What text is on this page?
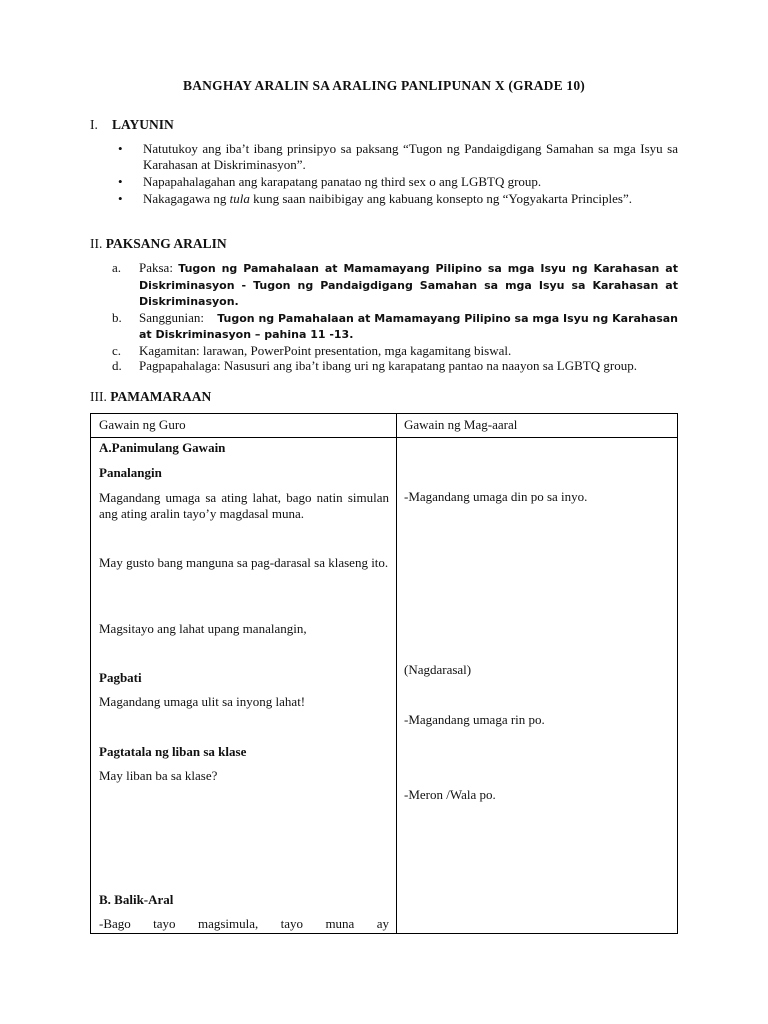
BANGHAY ARALIN SA ARALING PANLIPUNAN X (GRADE 10)
I. LAYUNIN
• Natutukoy ang iba’t ibang prinsipyo sa paksang “Tugon ng Pandaigdigang Samahan sa mga Isyu sa Karahasan at Diskriminasyon”.
• Napapahalagahan ang karapatang panatao ng third sex o ang LGBTQ group.
• Nakagagawa ng tula kung saan naibibigay ang kabuang konsepto ng “Yogyakarta Principles”.
II. PAKSANG ARALIN
a. Paksa: Tugon ng Pamahalaan at Mamamayang Pilipino sa mga Isyu ng Karahasan at Diskriminasyon - Tugon ng Pandaigdigang Samahan sa mga Isyu sa Karahasan at Diskriminasyon.
b. Sanggunian:    Tugon ng Pamahalaan at Mamamayang Pilipino sa mga Isyu ng Karahasan at Diskriminasyon – pahina 11 -13.
c. Kagamitan: larawan, PowerPoint presentation, mga kagamitang biswal.
d. Pagpapahalaga: Nasusuri ang iba’t ibang uri ng karapatang pantao na naayon sa LGBTQ group.
III. PAMAMARAAN
Gawain ng Guro	Gawain ng Mag-aaral
A.Panimulang Gawain
Panalangin
Magandang umaga sa ating lahat, bago natin simulan ang ating aralin tayo’y magdasal muna.
May gusto bang manguna sa pag-darasal sa klaseng ito.
Magsitayo ang lahat upang manalangin,
Pagbati
Magandang umaga ulit sa inyong lahat!
Pagtatala ng liban sa klase
May liban ba sa klase?
B. Balik-Aral
-Bago tayo magsimula, tayo muna ay
-Magandang umaga din po sa inyo.
(Nagdarasal)
-Magandang umaga rin po.
-Meron /Wala po.
